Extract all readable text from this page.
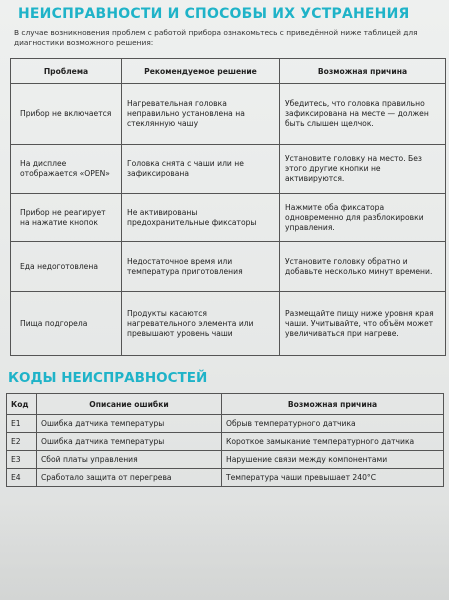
НЕИСПРАВНОСТИ И СПОСОБЫ ИХ УСТРАНЕНИЯ
В случае возникновения проблем с работой прибора ознакомьтесь с приведённой ниже таблицей для диагностики возможного решения:
Проблема	Рекомендуемое решение	Возможная причина
Прибор не включается	Нагревательная головка неправильно установлена на стеклянную чашу	Убедитесь, что головка правильно зафиксирована на месте — должен быть слышен щелчок.
На дисплее отображается «OPEN»	Головка снята с чаши или не зафиксирована	Установите головку на место. Без этого другие кнопки не активируются.
Прибор не реагирует на нажатие кнопок	Не активированы предохранительные фиксаторы	Нажмите оба фиксатора одновременно для разблокировки управления.
Еда недоготовлена	Недостаточное время или температура приготовления	Установите головку обратно и добавьте несколько минут времени.
Пища подгорела	Продукты касаются нагревательного элемента или превышают уровень чаши	Размещайте пищу ниже уровня края чаши. Учитывайте, что объём может увеличиваться при нагреве.
КОДЫ НЕИСПРАВНОСТЕЙ
Код	Описание ошибки	Возможная причина
E1	Ошибка датчика температуры	Обрыв температурного датчика
E2	Ошибка датчика температуры	Короткое замыкание температурного датчика
E3	Сбой платы управления	Нарушение связи между компонентами
E4	Сработало защита от перегрева	Температура чаши превышает 240°C
